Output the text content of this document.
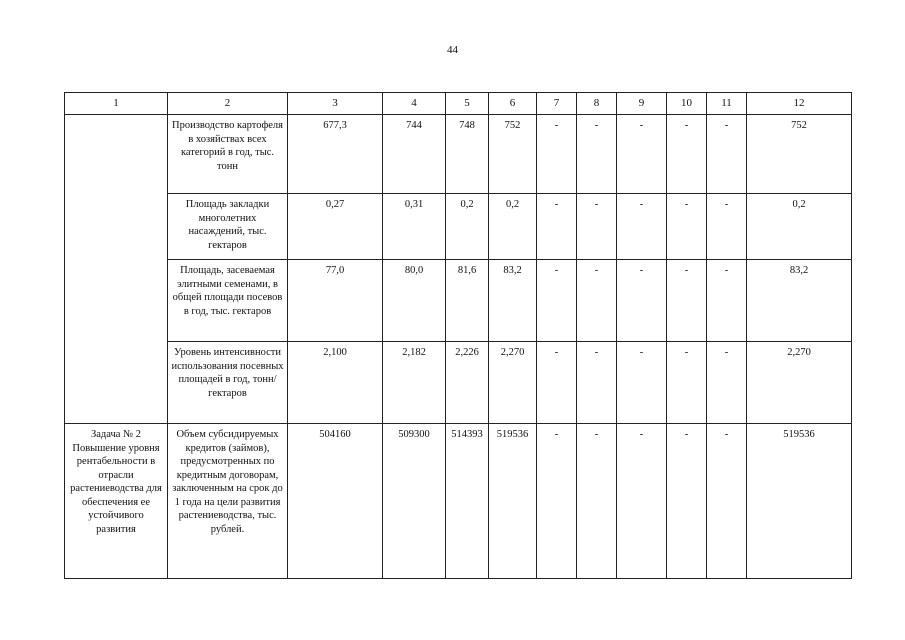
44
1	2	3	4	5	6	7	8	9	10	11	12
	Производство картофеля в хозяйствах всех категорий в год, тыс. тонн	677,3	744	748	752	-	-	-	-	-	752
	Площадь закладки многолетних насаждений, тыс. гектаров	0,27	0,31	0,2	0,2	-	-	-	-	-	0,2
	Площадь, засеваемая элитными семенами, в общей площади посевов в год, тыс. гектаров	77,0	80,0	81,6	83,2	-	-	-	-	-	83,2
	Уровень интенсивности использования посевных площадей в год, тонн/гектаров	2,100	2,182	2,226	2,270	-	-	-	-	-	2,270
Задача № 2 Повышение уровня рентабельности в отрасли растениеводства для обеспечения ее устойчивого развития	Объем субсидируемых кредитов (займов), предусмотренных по кредитным договорам, заключенным на срок до 1 года на цели развития растениеводства, тыс. рублей.	504160	509300	514393	519536	-	-	-	-	-	519536
